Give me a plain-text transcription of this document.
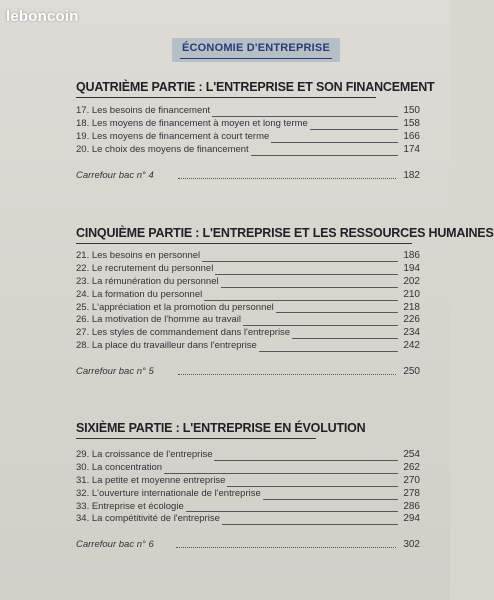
leboncoin
ÉCONOMIE D'ENTREPRISE
QUATRIÈME PARTIE : L'ENTREPRISE ET SON FINANCEMENT
17. Les besoins de financement	150
18. Les moyens de financement à moyen et long terme	158
19. Les moyens de financement à court terme	166
20. Le choix des moyens de financement	174
Carrefour bac n° 4	182
CINQUIÈME PARTIE : L'ENTREPRISE ET LES RESSOURCES HUMAINES
21. Les besoins en personnel	186
22. Le recrutement du personnel	194
23. La rémunération du personnel	202
24. La formation du personnel	210
25. L'appréciation et la promotion du personnel	218
26. La motivation de l'homme au travail	226
27. Les styles de commandement dans l'entreprise	234
28. La place du travailleur dans l'entreprise	242
Carrefour bac n° 5	250
SIXIÈME PARTIE : L'ENTREPRISE EN ÉVOLUTION
29. La croissance de l'entreprise	254
30. La concentration	262
31. La petite et moyenne entreprise	270
32. L'ouverture internationale de l'entreprise	278
33. Entreprise et écologie	286
34. La compétitivité de l'entreprise	294
Carrefour bac n° 6	302
